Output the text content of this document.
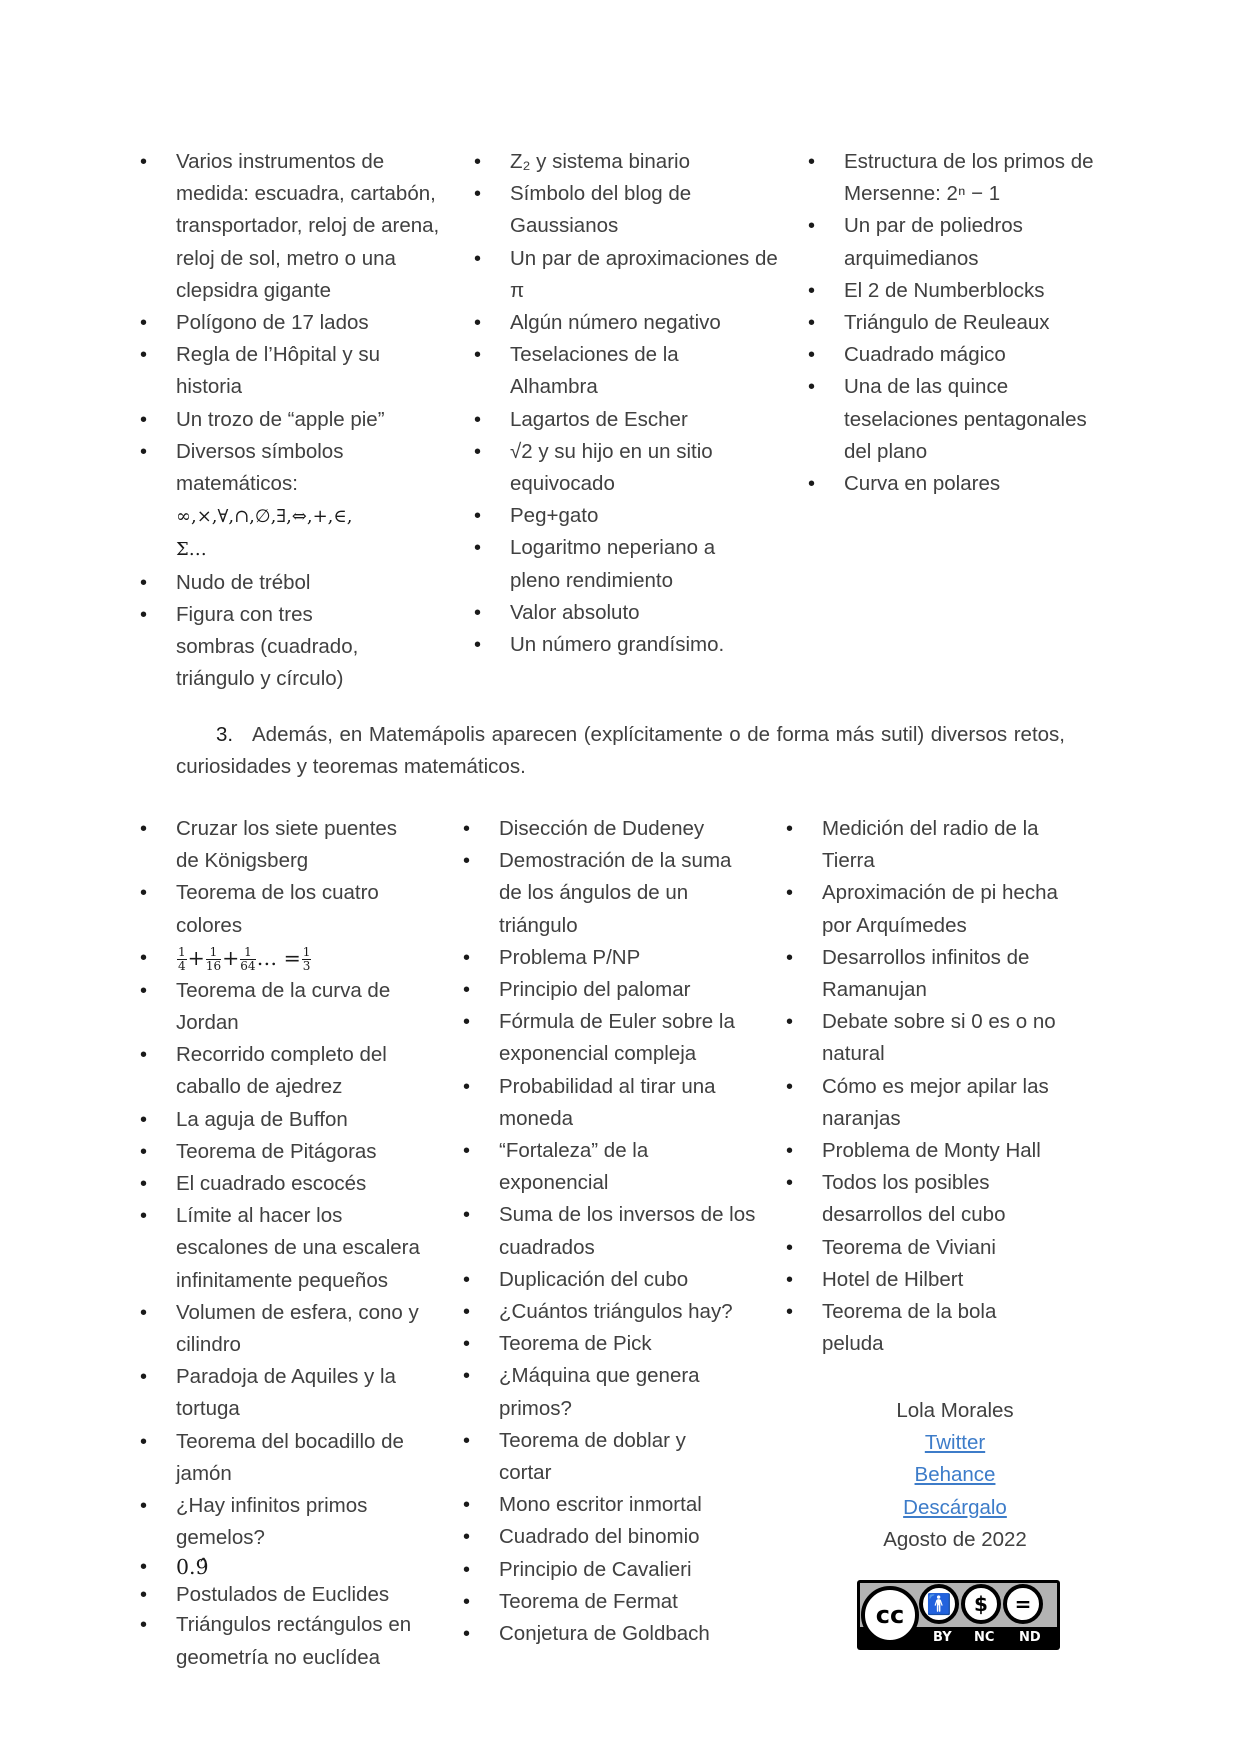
• Varios instrumentos de medida: escuadra, cartabón, transportador, reloj de arena, reloj de sol, metro o una clepsidra gigante
• Polígono de 17 lados
• Regla de l’Hôpital y su historia
• Un trozo de “apple pie”
• Diversos símbolos matemáticos:
∞,×,∀,∩,∅,∃,⇔,+,∈, Σ…
• Nudo de trébol
• Figura con tres sombras (cuadrado, triángulo y círculo)
• Z₂ y sistema binario
• Símbolo del blog de Gaussianos
• Un par de aproximaciones de π
• Algún número negativo
• Teselaciones de la Alhambra
• Lagartos de Escher
• √2 y su hijo en un sitio equivocado
• Peg+gato
• Logaritmo neperiano a pleno rendimiento
• Valor absoluto
• Un número grandísimo.
• Estructura de los primos de Mersenne: 2ⁿ − 1
• Un par de poliedros arquimedianos
• El 2 de Numberblocks
• Triángulo de Reuleaux
• Cuadrado mágico
• Una de las quince teselaciones pentagonales del plano
• Curva en polares
3. Además, en Matemápolis aparecen (explícitamente o de forma más sutil) diversos retos, curiosidades y teoremas matemáticos.
• Cruzar los siete puentes de Königsberg
• Teorema de los cuatro colores
• $\frac{1}{4} + \frac{1}{16} + \frac{1}{64}$ … = $\frac{1}{3}$
• Teorema de la curva de Jordan
• Recorrido completo del caballo de ajedrez
• La aguja de Buffon
• Teorema de Pitágoras
• El cuadrado escocés
• Límite al hacer los escalones de una escalera infinitamente pequeños
• Volumen de esfera, cono y cilindro
• Paradoja de Aquiles y la tortuga
• Teorema del bocadillo de jamón
• ¿Hay infinitos primos gemelos?
• 0.9̂
• Postulados de Euclides
• Triángulos rectángulos en geometría no euclídea
• Disección de Dudeney
• Demostración de la suma de los ángulos de un triángulo
• Problema P/NP
• Principio del palomar
• Fórmula de Euler sobre la exponencial compleja
• Probabilidad al tirar una moneda
• “Fortaleza” de la exponencial
• Suma de los inversos de los cuadrados
• Duplicación del cubo
• ¿Cuántos triángulos hay?
• Teorema de Pick
• ¿Máquina que genera primos?
• Teorema de doblar y cortar
• Mono escritor inmortal
• Cuadrado del binomio
• Principio de Cavalieri
• Teorema de Fermat
• Conjetura de Goldbach
• Medición del radio de la Tierra
• Aproximación de pi hecha por Arquímedes
• Desarrollos infinitos de Ramanujan
• Debate sobre si 0 es o no natural
• Cómo es mejor apilar las naranjas
• Problema de Monty Hall
• Todos los posibles desarrollos del cubo
• Teorema de Viviani
• Hotel de Hilbert
• Teorema de la bola peluda
Lola Morales
Twitter
Behance
Descárgalo
Agosto de 2022
cc	🚹	$	=
BY NC ND
